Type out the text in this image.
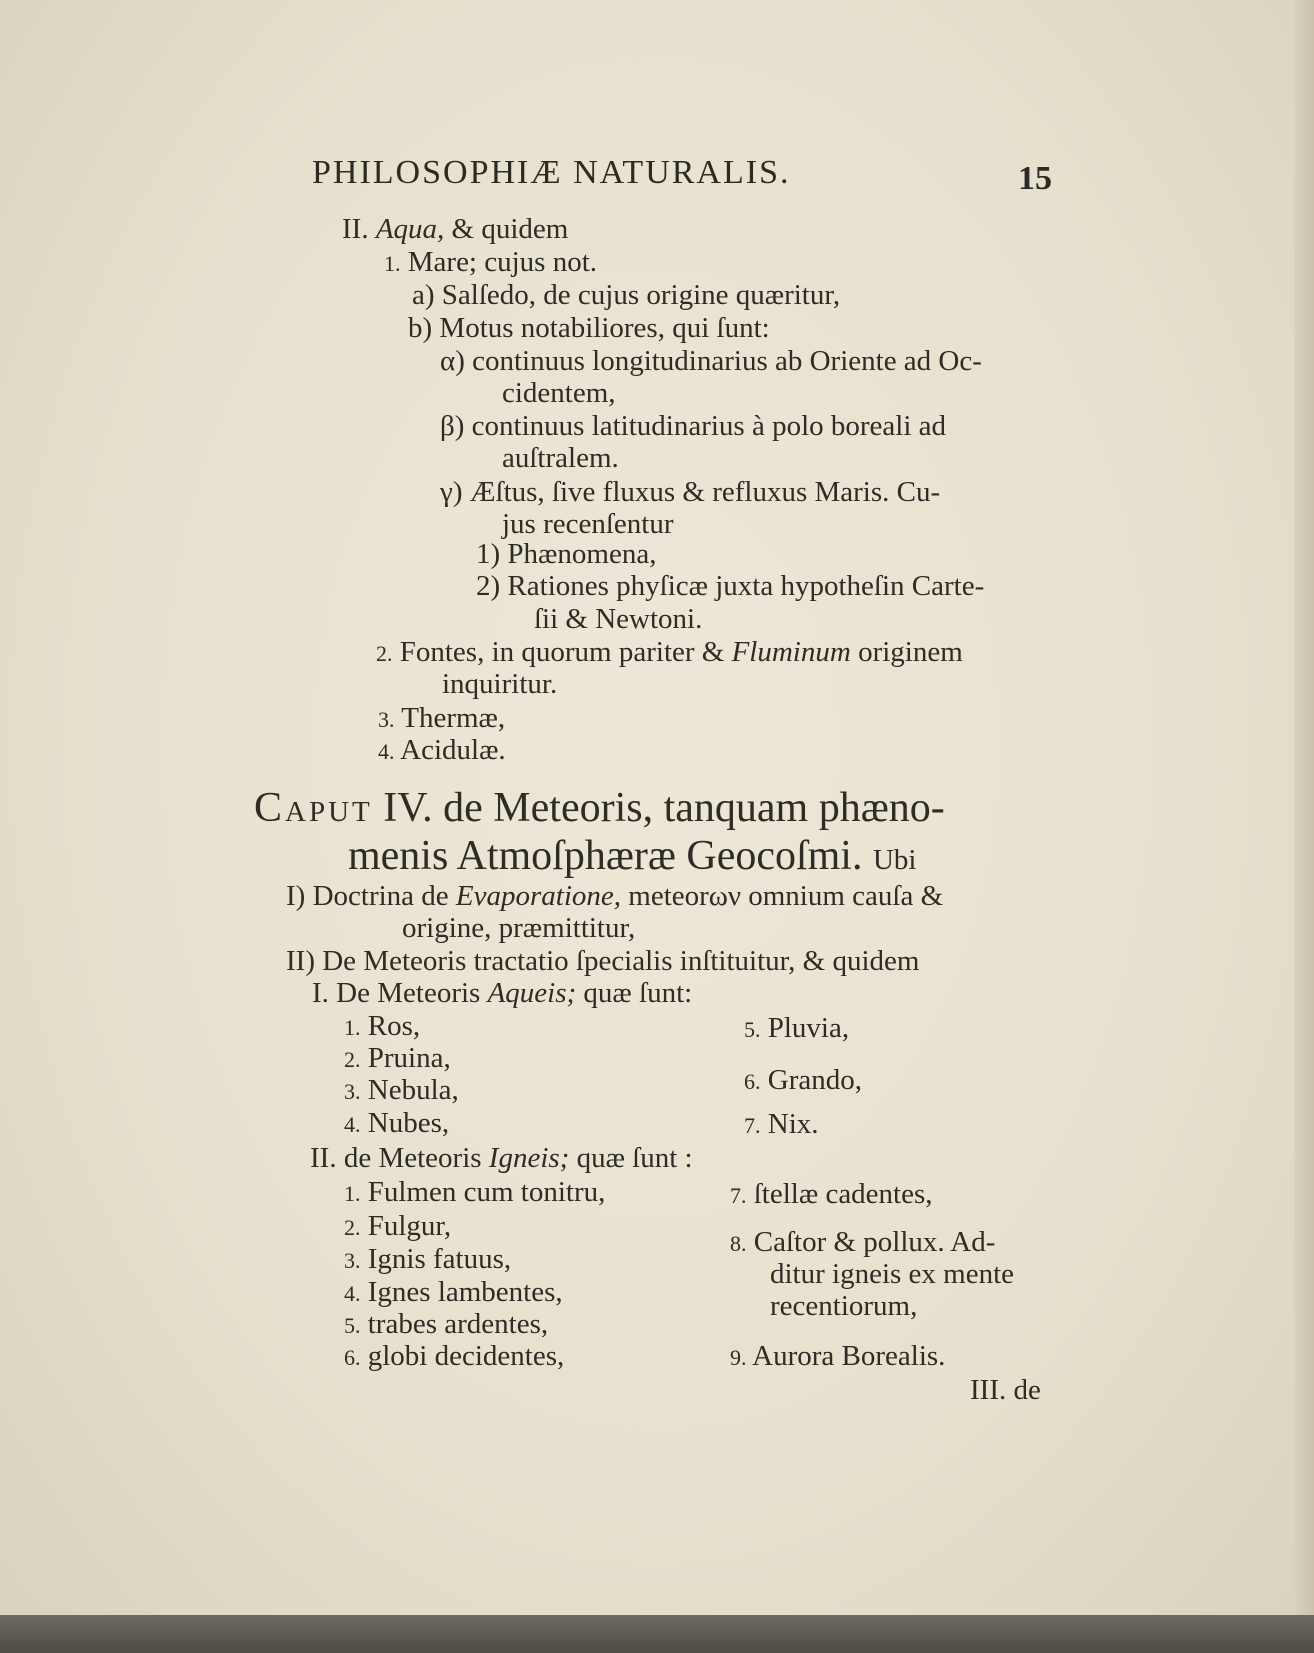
PHILOSOPHIÆ NATURALIS.	15
II. Aqua, & quidem
1. Mare; cujus not.
a) Salſedo, de cujus origine quæritur,
b) Motus notabiliores, qui ſunt:
α) continuus longitudinarius ab Oriente ad Oc-
cidentem,
β) continuus latitudinarius à polo boreali ad
auſtralem.
γ) Æſtus, ſive fluxus & refluxus Maris. Cu-
jus recenſentur
1) Phænomena,
2) Rationes phyſicæ juxta hypotheſin Carte-
ſii & Newtoni.
2. Fontes, in quorum pariter & Fluminum originem
inquiritur.
3. Thermæ,
4. Acidulæ.
Caput IV. de Meteoris, tanquam phæno-
menis Atmoſphæræ Geocoſmi. Ubi
I) Doctrina de Evaporatione, meteorων omnium cauſa &
origine, præmittitur,
II) De Meteoris tractatio ſpecialis inſtituitur, & quidem
I. De Meteoris Aqueis; quæ ſunt:
1. Ros,
2. Pruina,
3. Nebula,
4. Nubes,
5. Pluvia,
6. Grando,
7. Nix.
II. de Meteoris Igneis; quæ ſunt :
1. Fulmen cum tonitru,
2. Fulgur,
3. Ignis fatuus,
4. Ignes lambentes,
5. trabes ardentes,
6. globi decidentes,
7. ſtellæ cadentes,
8. Caſtor & pollux. Ad-
ditur igneis ex mente
recentiorum,
9. Aurora Borealis.
III. de
